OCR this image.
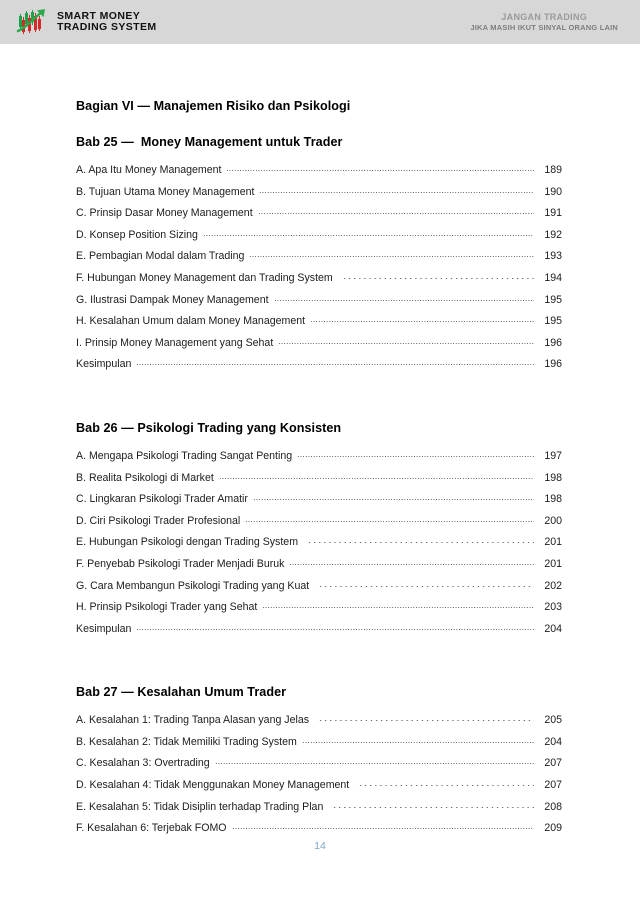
SMART MONEY
TRADING SYSTEM
JANGAN TRADING
JIKA MASIH IKUT SINYAL ORANG LAIN
Bagian VI — Manajemen Risiko dan Psikologi
Bab 25 —  Money Management untuk Trader
A. Apa Itu Money Management	189
B. Tujuan Utama Money Management	190
C. Prinsip Dasar Money Management	191
D. Konsep Position Sizing	192
E. Pembagian Modal dalam Trading	193
F. Hubungan Money Management dan Trading System	194
G. Ilustrasi Dampak Money Management	195
H. Kesalahan Umum dalam Money Management	195
I. Prinsip Money Management yang Sehat	196
Kesimpulan	196
Bab 26 — Psikologi Trading yang Konsisten
A. Mengapa Psikologi Trading Sangat Penting	197
B. Realita Psikologi di Market	198
C. Lingkaran Psikologi Trader Amatir	198
D. Ciri Psikologi Trader Profesional	200
E. Hubungan Psikologi dengan Trading System	201
F. Penyebab Psikologi Trader Menjadi Buruk	201
G. Cara Membangun Psikologi Trading yang Kuat	202
H. Prinsip Psikologi Trader yang Sehat	203
Kesimpulan	204
Bab 27 — Kesalahan Umum Trader
A. Kesalahan 1: Trading Tanpa Alasan yang Jelas	205
B. Kesalahan 2: Tidak Memiliki Trading System	204
C. Kesalahan 3: Overtrading	207
D. Kesalahan 4: Tidak Menggunakan Money Management	207
E. Kesalahan 5: Tidak Disiplin terhadap Trading Plan	208
F. Kesalahan 6: Terjebak FOMO	209
14
